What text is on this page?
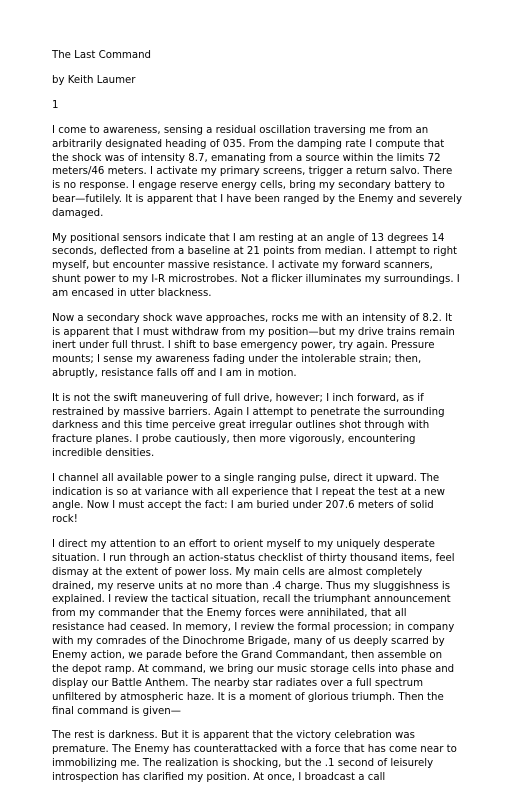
The Last Command

by Keith Laumer

1

I come to awareness, sensing a residual oscillation traversing me from an arbitrarily designated heading of 035. From the damping rate I compute that the shock was of intensity 8.7, emanating from a source within the limits 72 meters/46 meters. I activate my primary screens, trigger a return salvo. There is no response. I engage reserve energy cells, bring my secondary battery to bear—futilely. It is apparent that I have been ranged by the Enemy and severely damaged.

My positional sensors indicate that I am resting at an angle of 13 degrees 14 seconds, deflected from a baseline at 21 points from median. I attempt to right myself, but encounter massive resistance. I activate my forward scanners, shunt power to my I-R microstrobes. Not a flicker illuminates my surroundings. I am encased in utter blackness.

Now a secondary shock wave approaches, rocks me with an intensity of 8.2. It is apparent that I must withdraw from my position—but my drive trains remain inert under full thrust. I shift to base emergency power, try again. Pressure mounts; I sense my awareness fading under the intolerable strain; then, abruptly, resistance falls off and I am in motion.

It is not the swift maneuvering of full drive, however; I inch forward, as if restrained by massive barriers. Again I attempt to penetrate the surrounding darkness and this time perceive great irregular outlines shot through with fracture planes. I probe cautiously, then more vigorously, encountering incredible densities.

I channel all available power to a single ranging pulse, direct it upward. The indication is so at variance with all experience that I repeat the test at a new angle. Now I must accept the fact: I am buried under 207.6 meters of solid rock!

I direct my attention to an effort to orient myself to my uniquely desperate situation. I run through an action-status checklist of thirty thousand items, feel dismay at the extent of power loss. My main cells are almost completely drained, my reserve units at no more than .4 charge. Thus my sluggishness is explained. I review the tactical situation, recall the triumphant announcement from my commander that the Enemy forces were annihilated, that all resistance had ceased. In memory, I review the formal procession; in company with my comrades of the Dinochrome Brigade, many of us deeply scarred by Enemy action, we parade before the Grand Commandant, then assemble on the depot ramp. At command, we bring our music storage cells into phase and display our Battle Anthem. The nearby star radiates over a full spectrum unfiltered by atmospheric haze. It is a moment of glorious triumph. Then the final command is given—

The rest is darkness. But it is apparent that the victory celebration was premature. The Enemy has counterattacked with a force that has come near to immobilizing me. The realization is shocking, but the .1 second of leisurely introspection has clarified my position. At once, I broadcast a call
